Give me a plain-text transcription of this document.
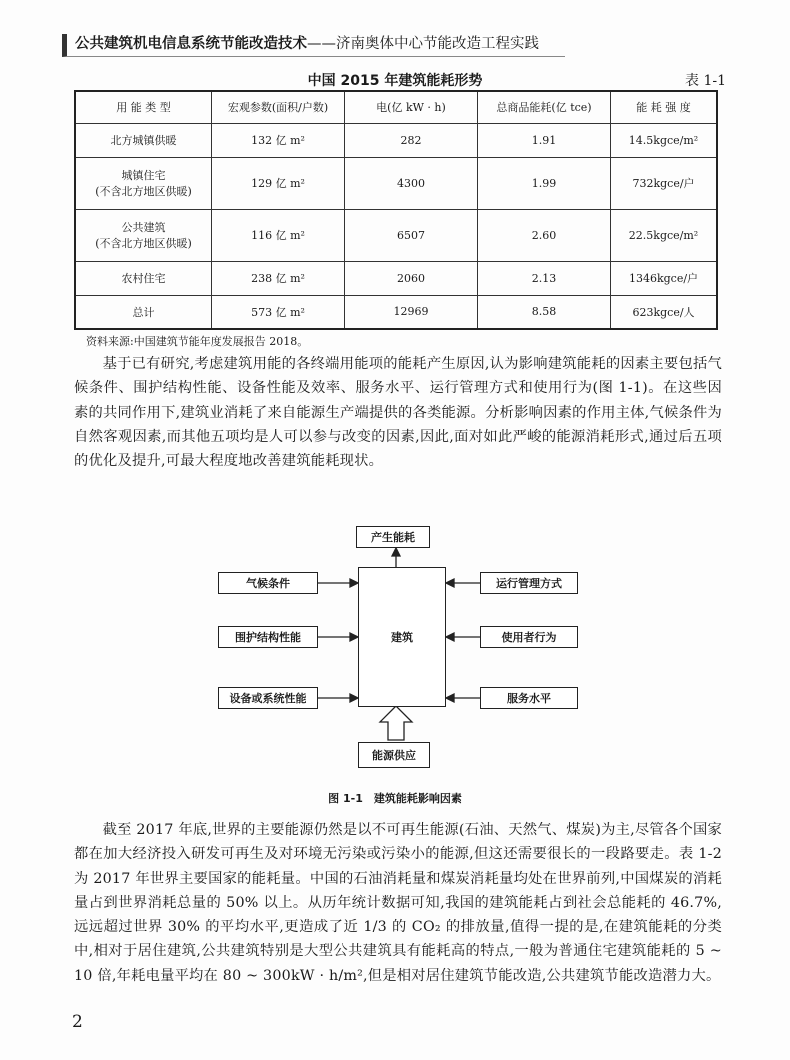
公共建筑机电信息系统节能改造技术——济南奥体中心节能改造工程实践
中国 2015 年建筑能耗形势	表 1-1
用 能 类 型	宏观参数(面积/户数)	电(亿 kW · h)	总商品能耗(亿 tce)	能 耗 强 度

北方城镇供暖	132 亿 m²	282	1.91	14.5kgce/m²

城镇住宅
(不含北方地区供暖)	129 亿 m²	4300	1.99	732kgce/户

公共建筑
(不含北方地区供暖)	116 亿 m²	6507	2.60	22.5kgce/m²

农村住宅	238 亿 m²	2060	2.13	1346kgce/户

总计	573 亿 m²	12969	8.58	623kgce/人
资料来源:中国建筑节能年度发展报告 2018。

基于已有研究,考虑建筑用能的各终端用能项的能耗产生原因,认为影响建筑能耗的因素主要包括气候条件、围护结构性能、设备性能及效率、服务水平、运行管理方式和使用行为(图 1-1)。在这些因素的共同作用下,建筑业消耗了来自能源生产端提供的各类能源。分析影响因素的作用主体,气候条件为自然客观因素,而其他五项均是人可以参与改变的因素,因此,面对如此严峻的能源消耗形式,通过后五项的优化及提升,可最大程度地改善建筑能耗现状。

产生能耗
建筑
能源供应
气候条件
围护结构性能
设备或系统性能
运行管理方式
使用者行为
服务水平
图 1-1　建筑能耗影响因素

截至 2017 年底,世界的主要能源仍然是以不可再生能源(石油、天然气、煤炭)为主,尽管各个国家都在加大经济投入研发可再生及对环境无污染或污染小的能源,但这还需要很长的一段路要走。表 1-2 为 2017 年世界主要国家的能耗量。中国的石油消耗量和煤炭消耗量均处在世界前列,中国煤炭的消耗量占到世界消耗总量的 50% 以上。从历年统计数据可知,我国的建筑能耗占到社会总能耗的 46.7%,远远超过世界 30% 的平均水平,更造成了近 1/3 的 CO₂ 的排放量,值得一提的是,在建筑能耗的分类中,相对于居住建筑,公共建筑特别是大型公共建筑具有能耗高的特点,一般为普通住宅建筑能耗的 5 ~ 10 倍,年耗电量平均在 80 ~ 300kW · h/m²,但是相对居住建筑节能改造,公共建筑节能改造潜力大。

2
